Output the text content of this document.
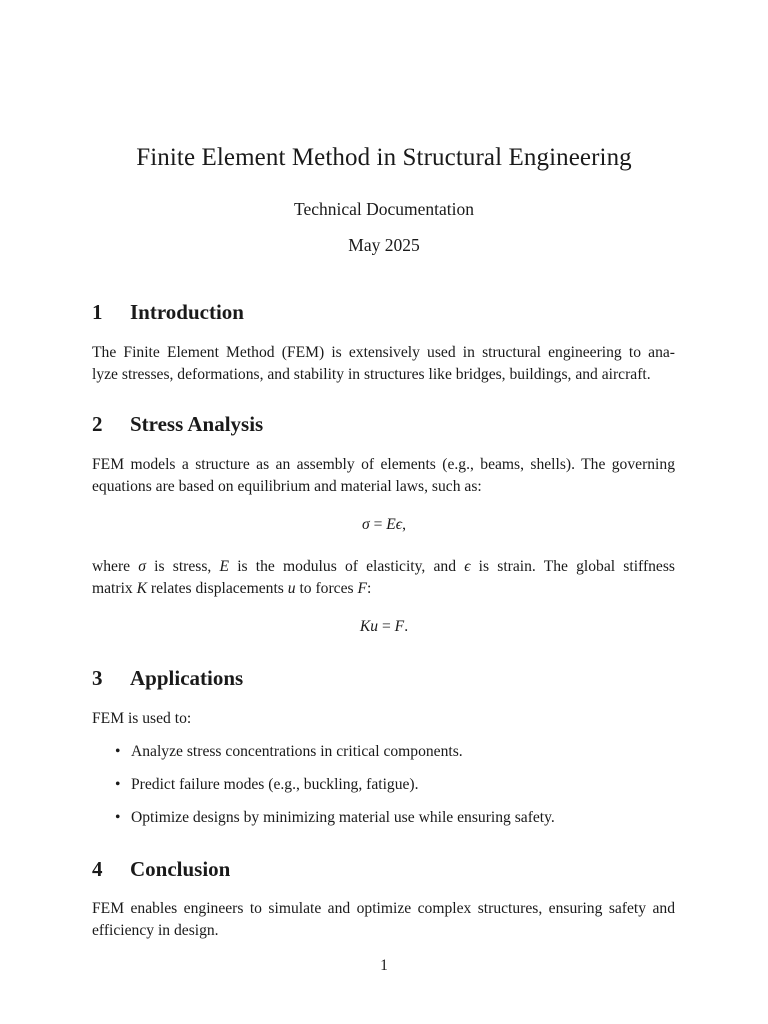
Finite Element Method in Structural Engineering
Technical Documentation
May 2025
1 Introduction
The Finite Element Method (FEM) is extensively used in structural engineering to ana-
lyze stresses, deformations, and stability in structures like bridges, buildings, and aircraft.
2 Stress Analysis
FEM models a structure as an assembly of elements (e.g., beams, shells). The governing
equations are based on equilibrium and material laws, such as:
σ = Eϵ,
where σ is stress, E is the modulus of elasticity, and ϵ is strain. The global stiffness
matrix K relates displacements u to forces F:
Ku = F.
3 Applications
FEM is used to:
• Analyze stress concentrations in critical components.
• Predict failure modes (e.g., buckling, fatigue).
• Optimize designs by minimizing material use while ensuring safety.
4 Conclusion
FEM enables engineers to simulate and optimize complex structures, ensuring safety and
efficiency in design.
1
